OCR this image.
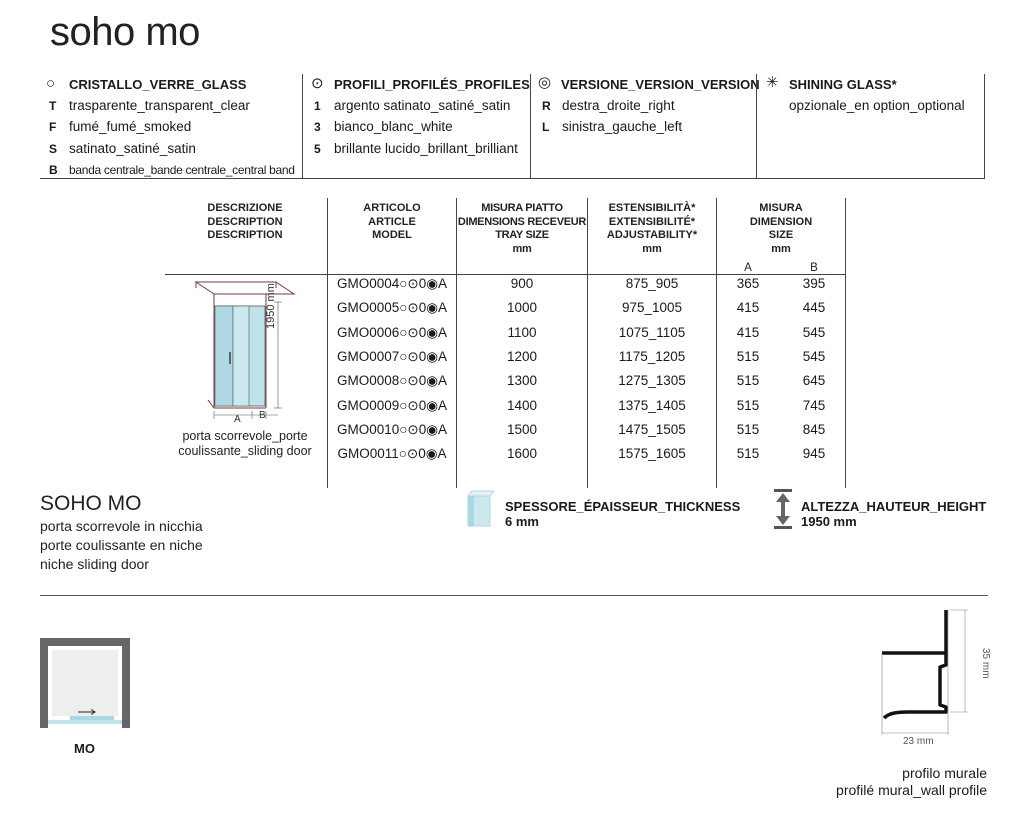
soho mo
○ CRISTALLO_VERRE_GLASS
T trasparente_transparent_clear
F fumé_fumé_smoked
S satinato_satiné_satin
B banda centrale_bande centrale_central band
⊙ PROFILI_PROFILÉS_PROFILES
1 argento satinato_satiné_satin
3 bianco_blanc_white
5 brillante lucido_brillant_brilliant
◎ VERSIONE_VERSION_VERSION
R destra_droite_right
L sinistra_gauche_left
✳ SHINING GLASS*
opzionale_en option_optional
DESCRIZIONE
DESCRIPTION
DESCRIPTION
ARTICOLO
ARTICLE
MODEL
MISURA PIATTO
DIMENSIONS RECEVEUR
TRAY SIZE
mm
ESTENSIBILITÀ*
EXTENSIBILITÉ*
ADJUSTABILITY*
mm
MISURA
DIMENSION
SIZE
mm
A	B
GMO0004○⊙0◉A	900	875_905	365	395
GMO0005○⊙0◉A	1000	975_1005	415	445
GMO0006○⊙0◉A	1100	1075_1105	415	545
GMO0007○⊙0◉A	1200	1175_1205	515	545
GMO0008○⊙0◉A	1300	1275_1305	515	645
GMO0009○⊙0◉A	1400	1375_1405	515	745
GMO0010○⊙0◉A	1500	1475_1505	515	845
GMO0011○⊙0◉A	1600	1575_1605	515	945
1950 mm
A B
porta scorrevole_porte
coulissante_sliding door
SOHO MO
porta scorrevole in nicchia
porte coulissante en niche
niche sliding door
SPESSORE_ÉPAISSEUR_THICKNESS
6 mm
ALTEZZA_HAUTEUR_HEIGHT
1950 mm
MO
35 mm
23 mm
profilo murale
profilé mural_wall profile
